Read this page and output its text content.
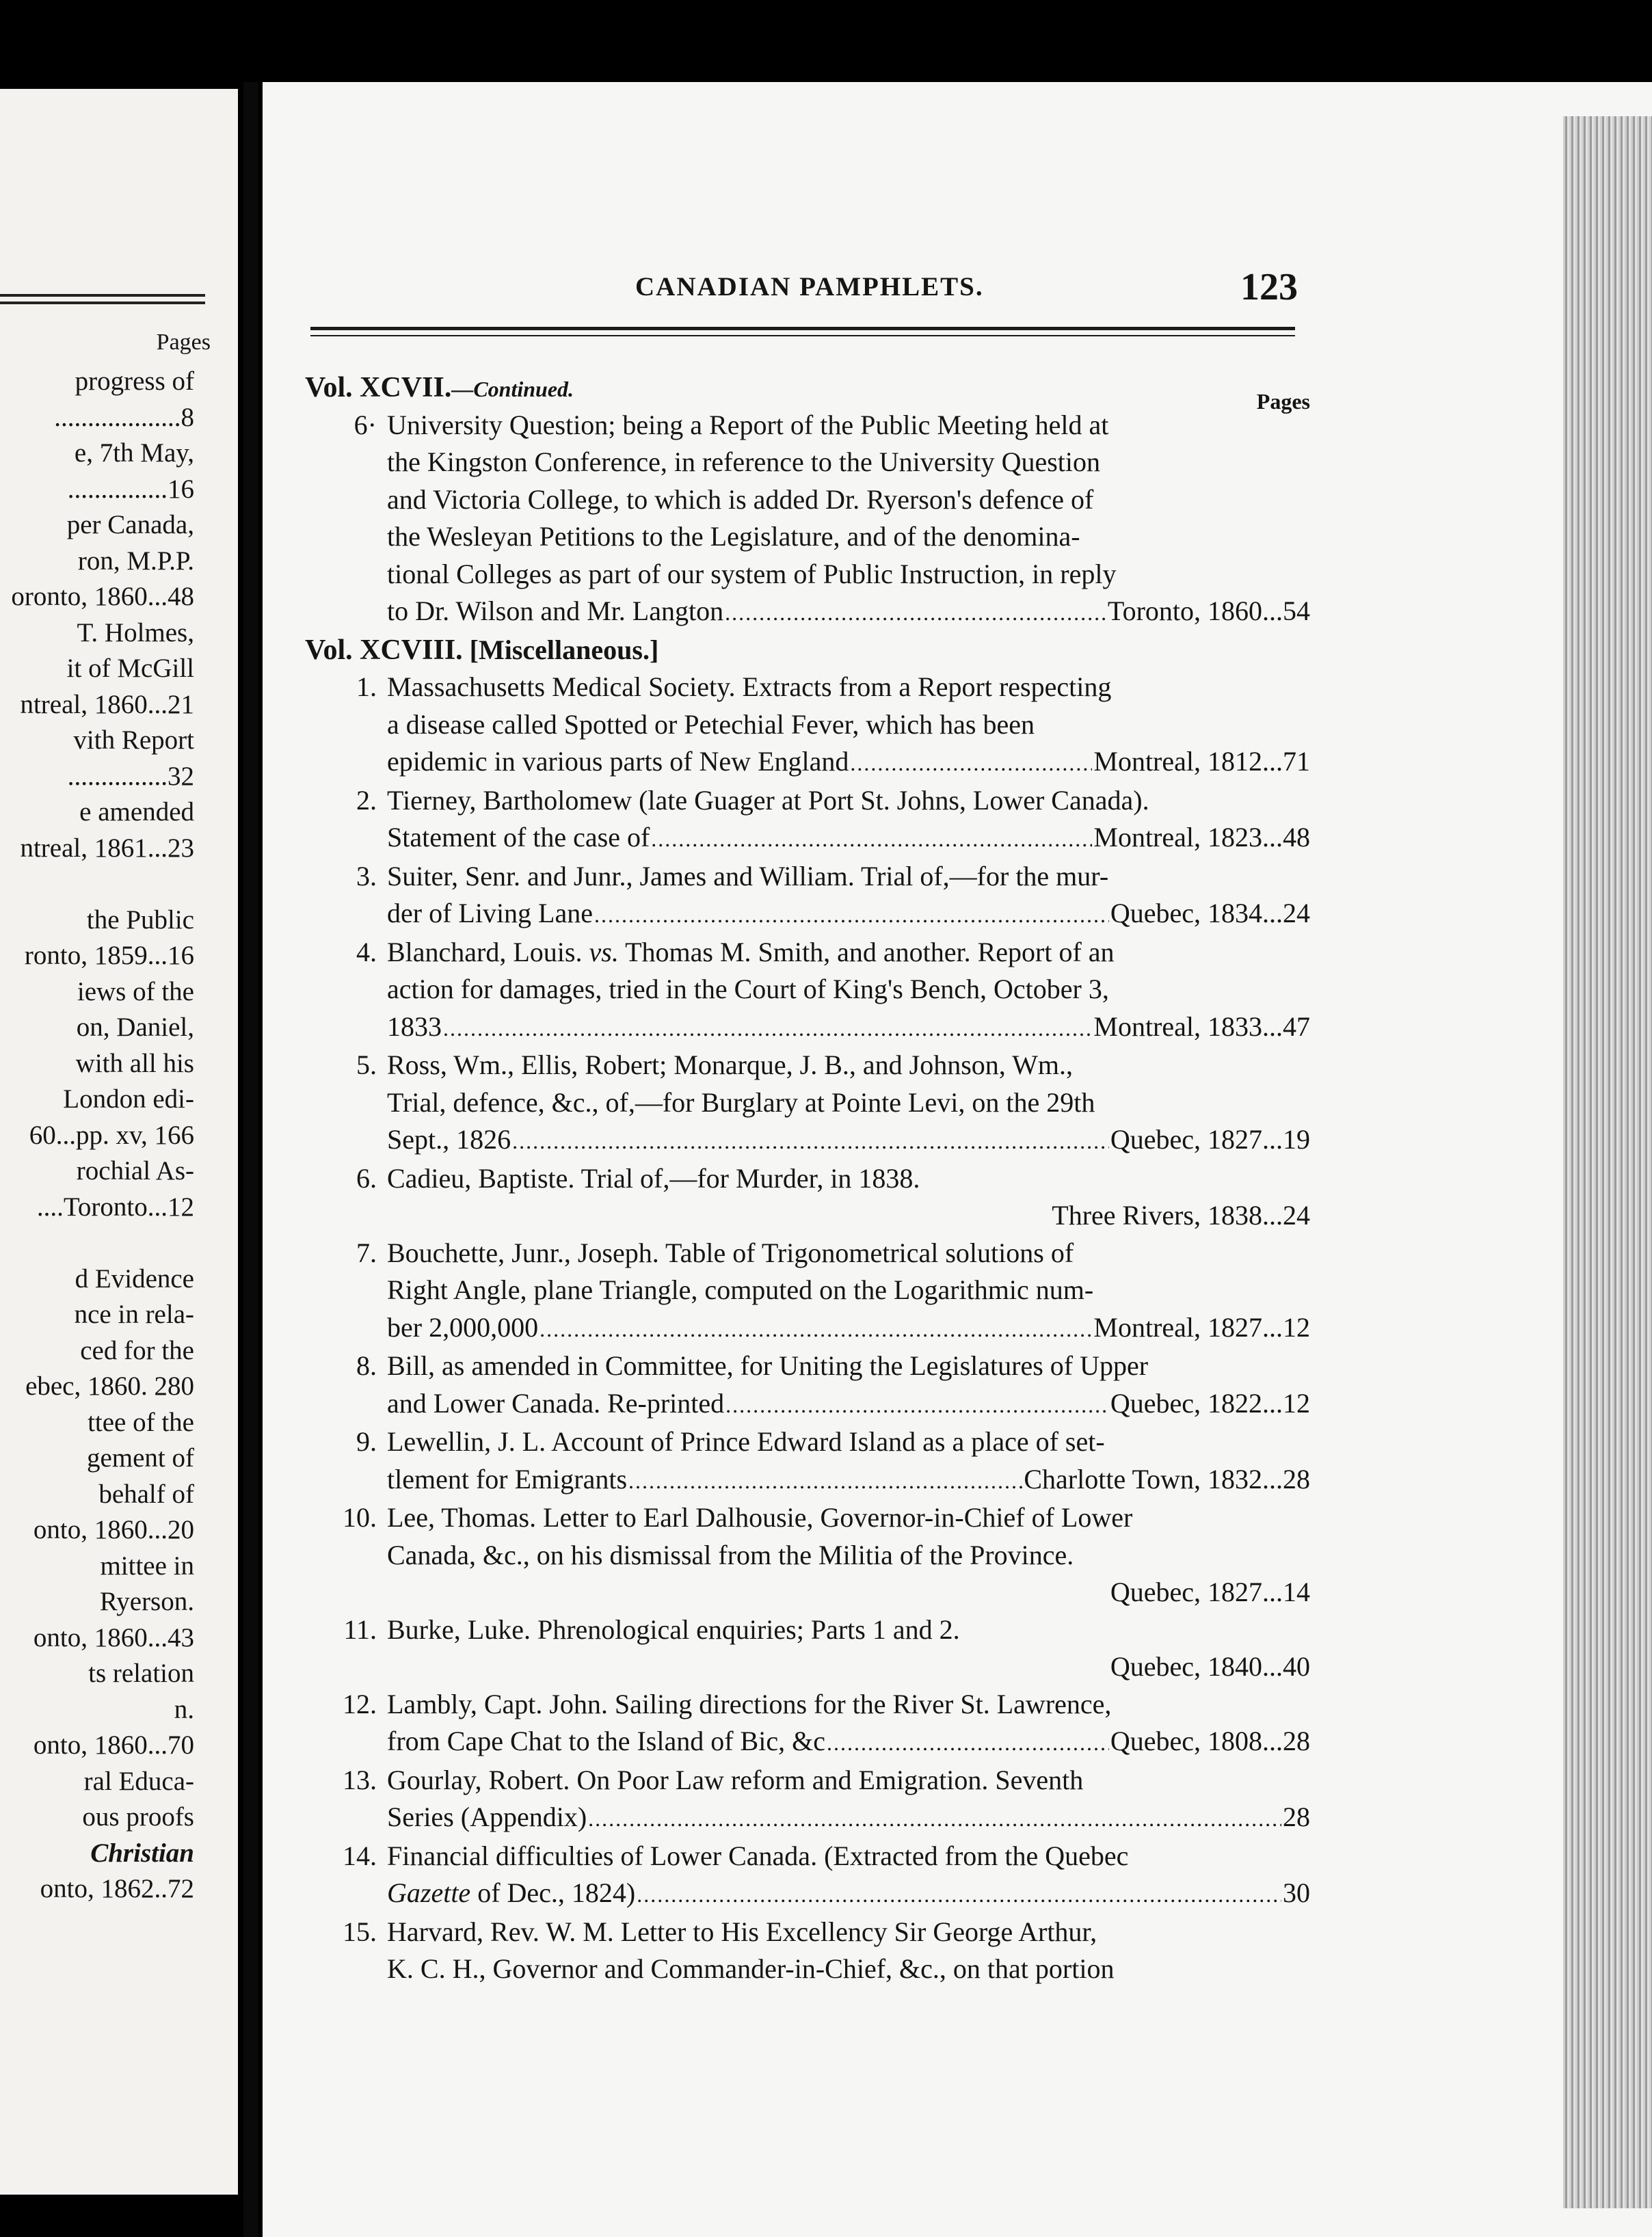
Pages
progress of
...................8
e, 7th May,
...............16
per Canada,
ron, M.P.P.
oronto, 1860...48
T. Holmes,
it of McGill
ntreal, 1860...21
vith Report
...............32
e amended
ntreal, 1861...23
the Public
ronto, 1859...16
iews of the
on, Daniel,
with all his
London edi-
60...pp. xv, 166
rochial As-
....Toronto...12
d Evidence
nce in rela-
ced for the
ebec, 1860. 280
ttee of the
gement of
behalf of
onto, 1860...20
mittee in
Ryerson.
onto, 1860...43
ts relation
n.
onto, 1860...70
ral Educa-
ous proofs
Christian
onto, 1862..72
CANADIAN PAMPHLETS.	123
Vol. XCVII.—Continued.	Pages
6· University Question; being a Report of the Public Meeting held at
the Kingston Conference, in reference to the University Question
and Victoria College, to which is added Dr. Ryerson's defence of
the Wesleyan Petitions to the Legislature, and of the denomina-
tional Colleges as part of our system of Public Instruction, in reply
to Dr. Wilson and Mr. Langton .....	Toronto, 1860...54
Vol. XCVIII. [Miscellaneous.]
1. Massachusetts Medical Society. Extracts from a Report respecting
a disease called Spotted or Petechial Fever, which has been
epidemic in various parts of New England .....	Montreal, 1812...71
2. Tierney, Bartholomew (late Guager at Port St. Johns, Lower Canada).
Statement of the case of .....	Montreal, 1823...48
3. Suiter, Senr. and Junr., James and William. Trial of,—for the mur-
der of Living Lane .....	Quebec, 1834...24
4. Blanchard, Louis. vs. Thomas M. Smith, and another. Report of an
action for damages, tried in the Court of King's Bench, October 3,
1833 .....	Montreal, 1833...47
5. Ross, Wm., Ellis, Robert; Monarque, J. B., and Johnson, Wm.,
Trial, defence, &c., of,—for Burglary at Pointe Levi, on the 29th
Sept., 1826 .....	Quebec, 1827...19
6. Cadieu, Baptiste. Trial of,—for Murder, in 1838.
Three Rivers, 1838...24
7. Bouchette, Junr., Joseph. Table of Trigonometrical solutions of
Right Angle, plane Triangle, computed on the Logarithmic num-
ber 2,000,000 .....	Montreal, 1827...12
8. Bill, as amended in Committee, for Uniting the Legislatures of Upper
and Lower Canada. Re-printed .....	Quebec, 1822...12
9. Lewellin, J. L. Account of Prince Edward Island as a place of set-
tlement for Emigrants .....	Charlotte Town, 1832...28
10. Lee, Thomas. Letter to Earl Dalhousie, Governor-in-Chief of Lower
Canada, &c., on his dismissal from the Militia of the Province.
Quebec, 1827...14
11. Burke, Luke. Phrenological enquiries; Parts 1 and 2.
Quebec, 1840...40
12. Lambly, Capt. John. Sailing directions for the River St. Lawrence,
from Cape Chat to the Island of Bic, &c .....	Quebec, 1808...28
13. Gourlay, Robert. On Poor Law reform and Emigration. Seventh
Series (Appendix) .....	28
14. Financial difficulties of Lower Canada. (Extracted from the Quebec
Gazette of Dec., 1824) .....	30
15. Harvard, Rev. W. M. Letter to His Excellency Sir George Arthur,
K. C. H., Governor and Commander-in-Chief, &c., on that portion
